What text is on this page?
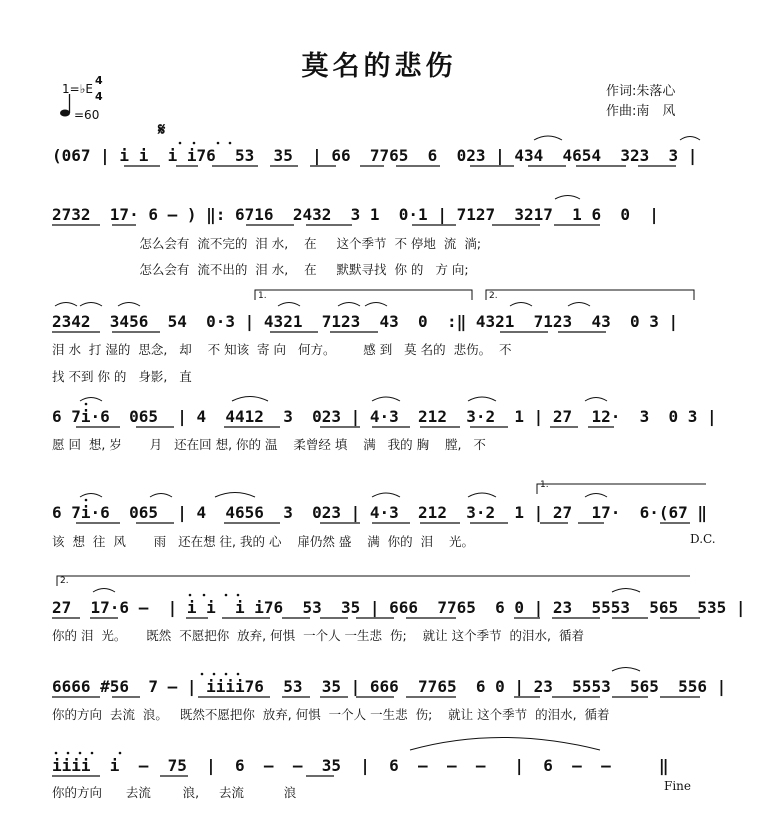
莫名的悲伤
作词:朱落心
作曲:南　风
1=♭E
4
4
=60
𝄋
(067 | i i  i i76  53  35  | 66  7765  6  023 | 434  4654  323  3 |
2732  17· 6 – ) ‖: 6716  2432  3 1  0·1 | 7127  3217  1 6  0  |
怎么会有  流不完的  泪 水,    在     这个季节  不 停地  流  淌;
怎么会有  流不出的  泪 水,    在     默默寻找  你 的   方 向;
1.	2.
2342  3456  54  0·3 | 4321  7123  43  0  :‖ 4321  7123  43  0 3 |
泪 水  打 湿的  思念,   却    不 知该  寄 向   何方。       感 到   莫 名的  悲伤。  不
找 不到 你 的   身影,   直
6 7i·6  065  | 4  4412  3  023 | 4·3  212  3·2  1 | 27  12·  3  0 3 |
愿 回  想, 岁       月   还在回 想, 你的 温    柔曾经 填    满   我的 胸    膛,   不
1.
6 7i·6  065  | 4  4656  3  023 | 4·3  212  3·2  1 | 27  17·  6·(67 ‖
该  想  往  风       雨   还在想 往, 我的 心    扉仍然 盛    满  你的  泪    光。	D.C.
2.
27  17·6 –  | i i  i i76  53  35 | 666  7765  6 0 | 23  5553  565  535 |
你的 泪  光。     既然  不愿把你  放弃, 何惧  一个人 一生悲  伤;    就让 这个季节  的泪水,  循着
6666 #56  7 – | iiii76  53  35 | 666  7765  6 0 | 23  5553  565  556 |
你的方向  去流  浪。   既然不愿把你  放弃, 何惧  一个人 一生悲  伤;    就让 这个季节  的泪水,  循着
iiii  i  –  75  |  6  –  –  35  |  6  –  –  –   |  6  –  –     ‖
你的方向      去流        浪,     去流          浪	Fine
